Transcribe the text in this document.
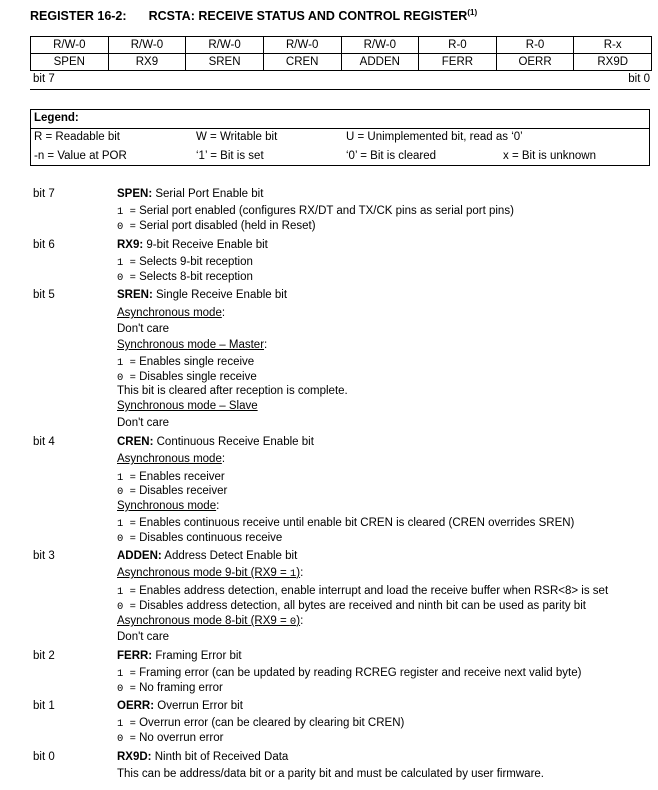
REGISTER 16-2: RCSTA: RECEIVE STATUS AND CONTROL REGISTER$^{(1)}$
R/W-0	R/W-0	R/W-0	R/W-0	R/W-0	R-0	R-0	R-x
SPEN	RX9	SREN	CREN	ADDEN	FERR	OERR	RX9D
bit 7	bit 0
Legend:
R = Readable bit	W = Writable bit	U = Unimplemented bit, read as ‘0’
-n = Value at POR	‘1’ = Bit is set	‘0’ = Bit is cleared	x = Bit is unknown
bit 7	SPEN: Serial Port Enable bit
1 = Serial port enabled (configures RX/DT and TX/CK pins as serial port pins)
0 = Serial port disabled (held in Reset)
bit 6	RX9: 9-bit Receive Enable bit
1 = Selects 9-bit reception
0 = Selects 8-bit reception
bit 5	SREN: Single Receive Enable bit
Asynchronous mode:
Don't care
Synchronous mode – Master:
1 = Enables single receive
0 = Disables single receive
This bit is cleared after reception is complete.
Synchronous mode – Slave
Don't care
bit 4	CREN: Continuous Receive Enable bit
Asynchronous mode:
1 = Enables receiver
0 = Disables receiver
Synchronous mode:
1 = Enables continuous receive until enable bit CREN is cleared (CREN overrides SREN)
0 = Disables continuous receive
bit 3	ADDEN: Address Detect Enable bit
Asynchronous mode 9-bit (RX9 = 1):
1 = Enables address detection, enable interrupt and load the receive buffer when RSR<8> is set
0 = Disables address detection, all bytes are received and ninth bit can be used as parity bit
Asynchronous mode 8-bit (RX9 = 0):
Don't care
bit 2	FERR: Framing Error bit
1 = Framing error (can be updated by reading RCREG register and receive next valid byte)
0 = No framing error
bit 1	OERR: Overrun Error bit
1 = Overrun error (can be cleared by clearing bit CREN)
0 = No overrun error
bit 0	RX9D: Ninth bit of Received Data
This can be address/data bit or a parity bit and must be calculated by user firmware.
